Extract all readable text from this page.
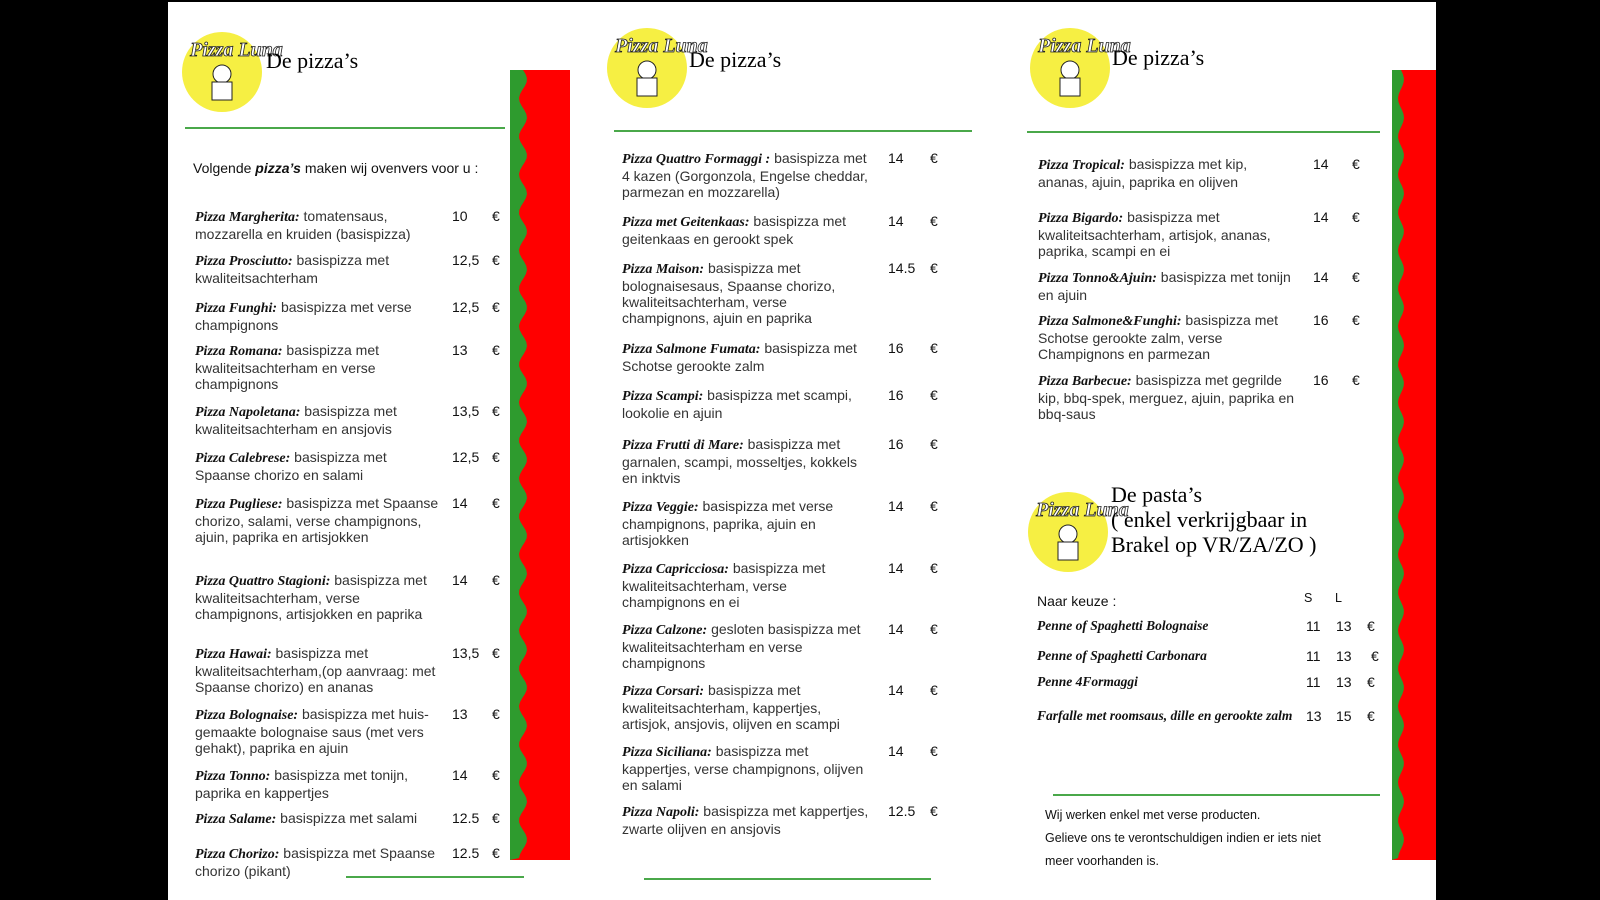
Pizza Luna
De pizza’s
Volgende pizza’s maken wij ovenvers voor u :
Pizza Margherita: tomatensaus, mozzarella en kruiden (basispizza)
10 €
Pizza Prosciutto: basispizza met kwaliteitsachterham
12,5 €
Pizza Funghi: basispizza met verse champignons
12,5 €
Pizza Romana: basispizza met kwaliteitsachterham en verse champignons
13 €
Pizza Napoletana: basispizza met kwaliteitsachterham en ansjovis
13,5 €
Pizza Calebrese: basispizza met Spaanse chorizo en salami
12,5 €
Pizza Pugliese: basispizza met Spaanse chorizo, salami, verse champignons, ajuin, paprika en artisjokken
14 €
Pizza Quattro Stagioni: basispizza met kwaliteitsachterham, verse champignons, artisjokken en paprika
14 €
Pizza Hawai: basispizza met kwaliteitsachterham,(op aanvraag: met Spaanse chorizo) en ananas
13,5 €
Pizza Bolognaise: basispizza met huis-gemaakte bolognaise saus (met vers gehakt), paprika en ajuin
13 €
Pizza Tonno: basispizza met tonijn, paprika en kappertjes
14 €
Pizza Salame: basispizza met salami	12.5 €
Pizza Chorizo: basispizza met Spaanse chorizo (pikant)
12.5 €
Pizza Luna
De pizza’s
Pizza Quattro Formaggi : basispizza met 4 kazen (Gorgonzola, Engelse cheddar, parmezan en mozzarella)
14 €
Pizza met Geitenkaas: basispizza met geitenkaas en gerookt spek
14 €
Pizza Maison: basispizza met bolognaisesaus, Spaanse chorizo, kwaliteitsachterham, verse champignons, ajuin en paprika
14.5 €
Pizza Salmone Fumata: basispizza met Schotse gerookte zalm
16 €
Pizza Scampi: basispizza met scampi, lookolie en ajuin
16 €
Pizza Frutti di Mare: basispizza met garnalen, scampi, mosseltjes, kokkels en inktvis
16 €
Pizza Veggie: basispizza met verse champignons, paprika, ajuin en artisjokken
14 €
Pizza Capricciosa: basispizza met kwaliteitsachterham, verse champignons en ei
14 €
Pizza Calzone: gesloten basispizza met kwaliteitsachterham en verse champignons
14 €
Pizza Corsari: basispizza met kwaliteitsachterham, kappertjes, artisjok, ansjovis, olijven en scampi
14 €
Pizza Siciliana: basispizza met kappertjes, verse champignons, olijven en salami
14 €
Pizza Napoli: basispizza met kappertjes, zwarte olijven en ansjovis
12.5 €
Pizza Luna
De pizza’s
Pizza Tropical: basispizza met kip, ananas, ajuin, paprika en olijven
14 €
Pizza Bigardo: basispizza met kwaliteitsachterham, artisjok, ananas, paprika, scampi en ei
14 €
Pizza Tonno&Ajuin: basispizza met tonijn en ajuin
14 €
Pizza Salmone&Funghi: basispizza met Schotse gerookte zalm, verse Champignons en parmezan
16 €
Pizza Barbecue: basispizza met gegrilde kip, bbq-spek, merguez, ajuin, paprika en bbq-saus
16 €
Pizza Luna
De pasta’s
( enkel verkrijgbaar in
Brakel op VR/ZA/ZO )
Naar keuze :	S L
Penne of Spaghetti Bolognaise	11 13 €
Penne of Spaghetti Carbonara	11 13 €
Penne 4Formaggi	11 13 €
Farfalle met roomsaus, dille en gerookte zalm 13 15 €
Wij werken enkel met verse producten.
Gelieve ons te verontschuldigen indien er iets niet
meer voorhanden is.
